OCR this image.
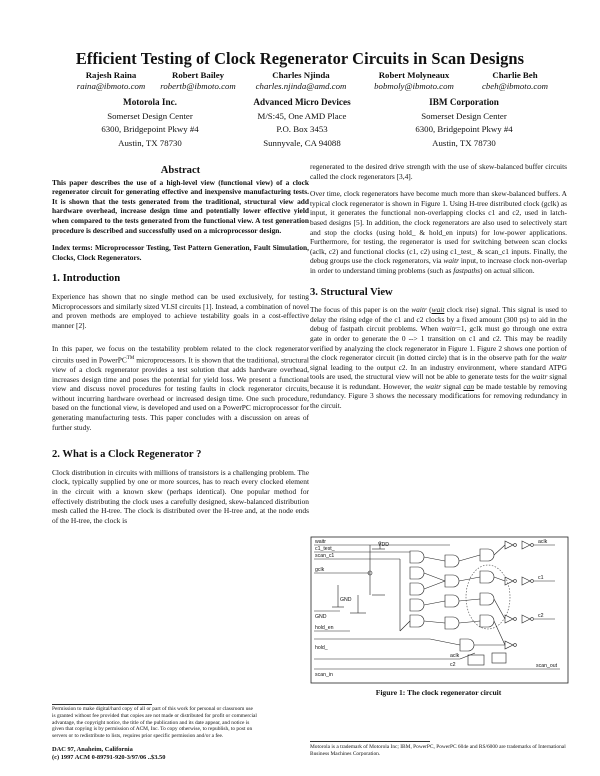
Efficient Testing of Clock Regenerator Circuits in Scan Designs
Rajesh Raina
raina@ibmoto.com
Robert Bailey
robertb@ibmoto.com
Charles Njinda
charles.njinda@amd.com
Robert Molyneaux
bobmoly@ibmoto.com
Charlie Beh
cbeh@ibmoto.com
Motorola Inc.
Somerset Design Center
6300, Bridgepoint Pkwy #4
Austin, TX 78730
Advanced Micro Devices
M/S:45, One AMD Place
P.O. Box 3453
Sunnyvale, CA 94088
IBM Corporation
Somerset Design Center
6300, Bridgepoint Pkwy #4
Austin, TX 78730
Abstract

This paper describes the use of a high-level view (functional view) of a clock regenerator circuit for generating effective and inexpensive manufacturing tests. It is shown that the tests generated from the traditional, structural view add hardware overhead, increase design time and potentially lower effective yield when compared to the tests generated from the functional view. A test generation procedure is described and successfully used on a microprocessor design.

Index terms: Microprocessor Testing, Test Pattern Generation, Fault Simulation, Clocks, Clock Regenerators.

1. Introduction

Experience has shown that no single method can be used exclusively, for testing Microprocessors and similarly sized VLSI circuits [1]. Instead, a combination of novel and proven methods are employed to achieve testability goals in a cost-effective manner [2].

In this paper, we focus on the testability problem related to the clock regenerator circuits used in PowerPC™ microprocessors. It is shown that the traditional, structural view of a clock regenerator provides a test solution that adds hardware overhead, increases design time and poses the potential for yield loss. We present a functional view and discuss novel procedures for testing faults in clock regenerator circuits, without incurring hardware overhead or increased design time. One such procedure, based on the functional view, is developed and used on a PowerPC microprocessor for generating manufacturing tests. This paper concludes with a discussion on areas of further study.

2. What is a Clock Regenerator ?

Clock distribution in circuits with millions of transistors is a challenging problem. The clock, typically supplied by one or more sources, has to reach every clocked element in the circuit with a known skew (perhaps identical). One popular method for effectively distributing the clock uses a carefully designed, skew-balanced distribution mesh called the H-tree. The clock is distributed over the H-tree and, at the node ends of the H-tree, the clock is

Permission to make digital/hard copy of all or part of this work for personal or classroom use is granted without fee provided that copies are not made or distributed for profit or commercial advantage, the copyright notice, the title of the publication and its date appear, and notice is given that copying is by permission of ACM, Inc. To copy otherwise, to republish, to post on servers or to redistribute to lists, requires prior specific permission and/or a fee.
DAC 97, Anaheim, California
(c) 1997 ACM 0-89791-920-3/97/06 ..$3.50

regenerated to the desired drive strength with the use of skew-balanced buffer circuits called the clock regenerators [3,4].

Over time, clock regenerators have become much more than skew-balanced buffers. A typical clock regenerator is shown in Figure 1. Using H-tree distributed clock (gclk) as input, it generates the functional non-overlapping clocks c1 and c2, used in latch-based designs [5]. In addition, the clock regenerators are also used to selectively start and stop the clocks (using hold_ & hold_en inputs) for low-power applications. Furthermore, for testing, the regenerator is used for switching between scan clocks (aclk, c2) and functional clocks (c1, c2) using c1_test_ & scan_c1 inputs. Finally, the debug groups use the clock regenerators, via waitr input, to increase clock non-overlap in order to understand timing problems (such as fastpaths) on actual silicon.

3. Structural View

The focus of this paper is on the waitr (wait clock rise) signal. This signal is used to delay the rising edge of the c1 and c2 clocks by a fixed amount (300 ps) to aid in the debug of fastpath circuit problems. When waitr=1, gclk must go through one extra gate in order to generate the 0 --> 1 transition on c1 and c2. This may be readily verified by analyzing the clock regenerator in Figure 1. Figure 2 shows one portion of the clock regenerator circuit (in dotted circle) that is in the observe path for the waitr signal leading to the output c2. In an industry environment, where standard ATPG tools are used, the structural view will not be able to generate tests for the waitr signal because it is redundant. However, the waitr signal can be made testable by removing redundancy. Figure 3 shows the necessary modifications for removing redundancy in the circuit.

waitr
c1_test_
scan_c1
gclk
VDD
GND
GND
hold_en
hold_
scan_in
aclk
c1
c2
aclk
c2	scan_out
Figure 1: The clock regenerator circuit
Motorola is a trademark of Motorola Inc; IBM, PowerPC, PowerPC 604e and RS/6000 are trademarks of International Business Machines Corporation.
